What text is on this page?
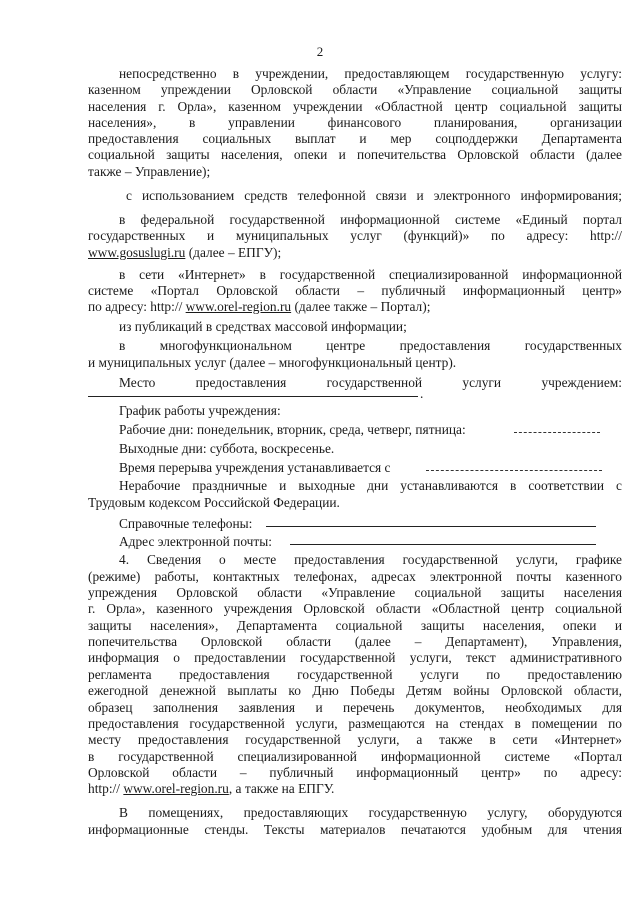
2
непосредственно в учреждении, предоставляющем государственную услугу:
казенном упреждении Орловской области «Управление социальной защиты
населения г. Орла», казенном учреждении «Областной центр социальной защиты
населения», в управлении финансового планирования, организации
предоставления социальных выплат и мер соцподдержки Департамента
социальной защиты населения, опеки и попечительства Орловской области (далее
также – Управление);
с использованием средств телефонной связи и электронного информирования;
в федеральной государственной информационной системе «Единый портал
государственных и муниципальных услуг (функций)» по адресу: http://
www.gosuslugi.ru (далее – ЕПГУ);
в сети «Интернет» в государственной специализированной информационной
системе «Портал Орловской области – публичный информационный центр»
по адресу: http:// www.orel-region.ru (далее также – Портал);
из публикаций в средствах массовой информации;
в многофункциональном центре предоставления государственных
и муниципальных услуг (далее – многофункциональный центр).
Место предоставления государственной услуги учреждением:
.
График работы учреждения:
Рабочие дни: понедельник, вторник, среда, четверг, пятница:
Выходные дни: суббота, воскресенье.
Время перерыва учреждения устанавливается с
Нерабочие праздничные и выходные дни устанавливаются в соответствии с
Трудовым кодексом Российской Федерации.
Справочные телефоны:
Адрес электронной почты:
4. Сведения о месте предоставления государственной услуги, графике
(режиме) работы, контактных телефонах, адресах электронной почты казенного
упреждения Орловской области «Управление социальной защиты населения
г. Орла», казенного учреждения Орловской области «Областной центр социальной
защиты населения», Департамента социальной защиты населения, опеки и
попечительства Орловской области (далее – Департамент), Управления,
информация о предоставлении государственной услуги, текст административного
регламента предоставления государственной услуги по предоставлению
ежегодной денежной выплаты ко Дню Победы Детям войны Орловской области,
образец заполнения заявления и перечень документов, необходимых для
предоставления государственной услуги, размещаются на стендах в помещении по
месту предоставления государственной услуги, а также в сети «Интернет»
в государственной специализированной информационной системе «Портал
Орловской области – публичный информационный центр» по адресу:
http:// www.orel-region.ru, а также на ЕПГУ.
В помещениях, предоставляющих государственную услугу, оборудуются
информационные стенды. Тексты материалов печатаются удобным для чтения
